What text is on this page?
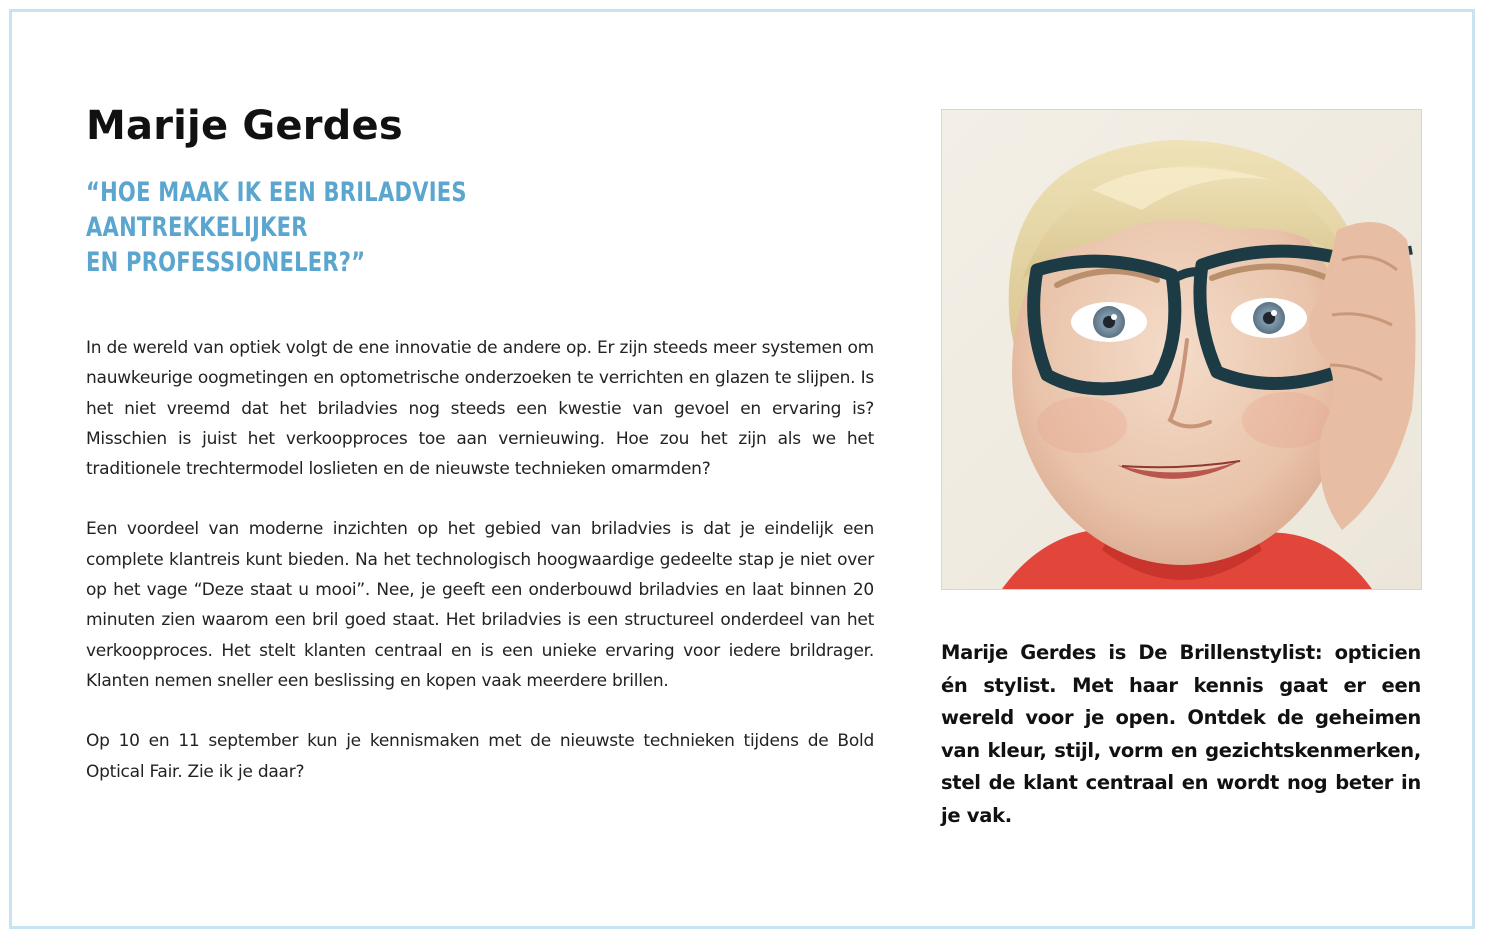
Marije Gerdes
“HOE MAAK IK EEN BRILADVIES AANTREKKELIJKER
EN PROFESSIONELER?”

In de wereld van optiek volgt de ene innovatie de andere op. Er zijn steeds meer systemen om nauwkeurige oogmetingen en optometrische onderzoeken te verrichten en glazen te slijpen. Is het niet vreemd dat het briladvies nog steeds een kwestie van gevoel en ervaring is? Misschien is juist het verkoopproces toe aan vernieuwing. Hoe zou het zijn als we het traditionele trechtermodel loslieten en de nieuwste technieken omarmden?

Een voordeel van moderne inzichten op het gebied van briladvies is dat je eindelijk een complete klantreis kunt bieden. Na het technologisch hoogwaardige gedeelte stap je niet over op het vage “Deze staat u mooi”. Nee, je geeft een onderbouwd briladvies en laat binnen 20 minuten zien waarom een bril goed staat. Het briladvies is een structureel onderdeel van het verkoopproces. Het stelt klanten centraal en is een unieke ervaring voor iedere brildrager. Klanten nemen sneller een beslissing en kopen vaak meerdere brillen.

Op 10 en 11 september kun je kennismaken met de nieuwste technieken tijdens de Bold Optical Fair. Zie ik je daar?

Marije Gerdes is De Brillenstylist: opticien én stylist. Met haar kennis gaat er een wereld voor je open. Ontdek de geheimen van kleur, stijl, vorm en gezichtskenmerken, stel de klant centraal en wordt nog beter in je vak.
